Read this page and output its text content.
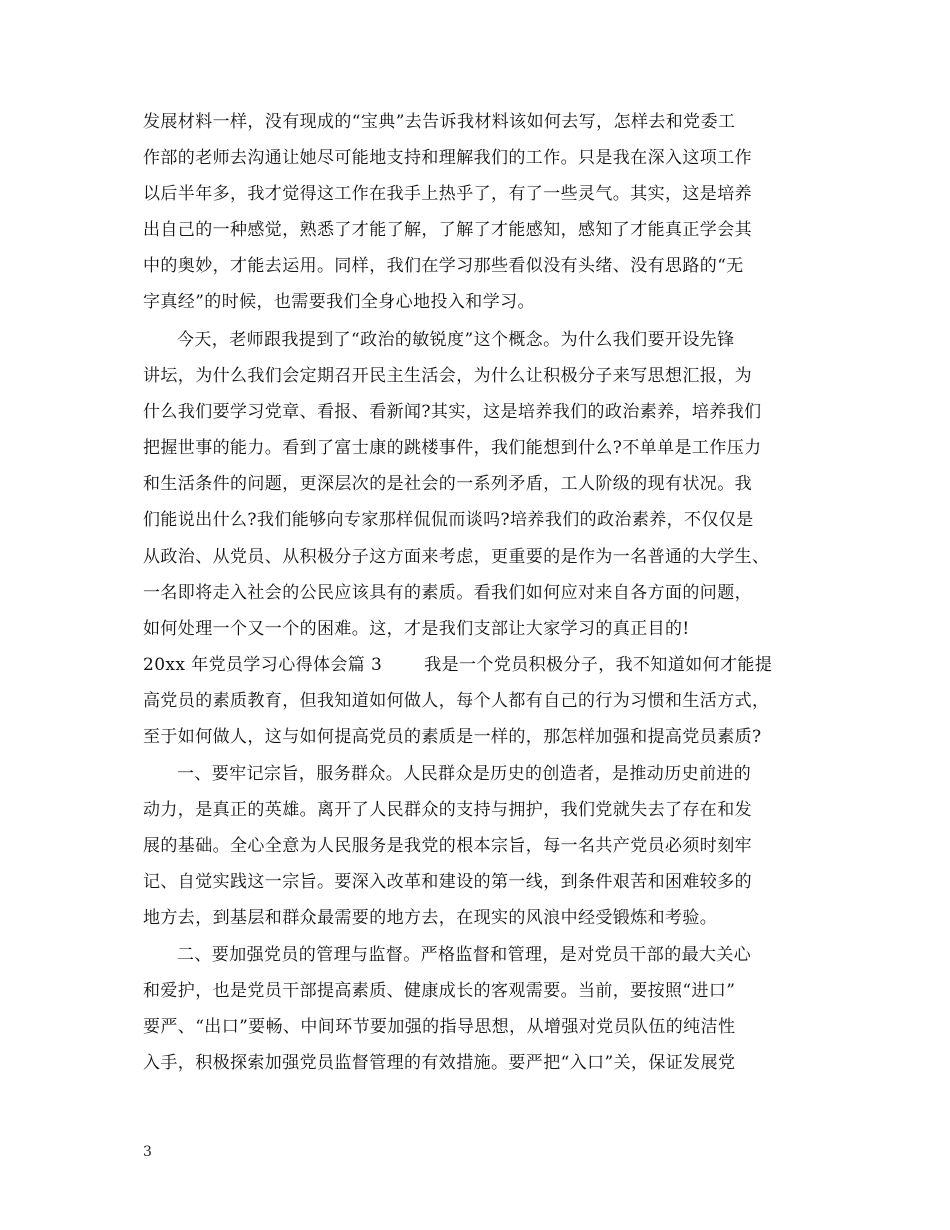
发展材料一样，没有现成的“宝典”去告诉我材料该如何去写，怎样去和党委工
作部的老师去沟通让她尽可能地支持和理解我们的工作。只是我在深入这项工作
以后半年多，我才觉得这工作在我手上热乎了，有了一些灵气。其实，这是培养
出自己的一种感觉，熟悉了才能了解，了解了才能感知，感知了才能真正学会其
中的奥妙，才能去运用。同样，我们在学习那些看似没有头绪、没有思路的“无
字真经”的时候，也需要我们全身心地投入和学习。
今天，老师跟我提到了“政治的敏锐度”这个概念。为什么我们要开设先锋
讲坛，为什么我们会定期召开民主生活会，为什么让积极分子来写思想汇报，为
什么我们要学习党章、看报、看新闻?其实，这是培养我们的政治素养，培养我们
把握世事的能力。看到了富士康的跳楼事件，我们能想到什么?不单单是工作压力
和生活条件的问题，更深层次的是社会的一系列矛盾，工人阶级的现有状况。我
们能说出什么?我们能够向专家那样侃侃而谈吗?培养我们的政治素养，不仅仅是
从政治、从党员、从积极分子这方面来考虑，更重要的是作为一名普通的大学生、
一名即将走入社会的公民应该具有的素质。看我们如何应对来自各方面的问题，
如何处理一个又一个的困难。这，才是我们支部让大家学习的真正目的!
20xx 年党员学习心得体会篇 3 我是一个党员积极分子，我不知道如何才能提
高党员的素质教育，但我知道如何做人，每个人都有自己的行为习惯和生活方式，
至于如何做人，这与如何提高党员的素质是一样的，那怎样加强和提高党员素质?
一、要牢记宗旨，服务群众。人民群众是历史的创造者，是推动历史前进的
动力，是真正的英雄。离开了人民群众的支持与拥护，我们党就失去了存在和发
展的基础。全心全意为人民服务是我党的根本宗旨，每一名共产党员必须时刻牢
记、自觉实践这一宗旨。要深入改革和建设的第一线，到条件艰苦和困难较多的
地方去，到基层和群众最需要的地方去，在现实的风浪中经受锻炼和考验。
二、要加强党员的管理与监督。严格监督和管理，是对党员干部的最大关心
和爱护，也是党员干部提高素质、健康成长的客观需要。当前，要按照“进口”
要严、“出口”要畅、中间环节要加强的指导思想，从增强对党员队伍的纯洁性
入手，积极探索加强党员监督管理的有效措施。要严把“入口”关，保证发展党
3
